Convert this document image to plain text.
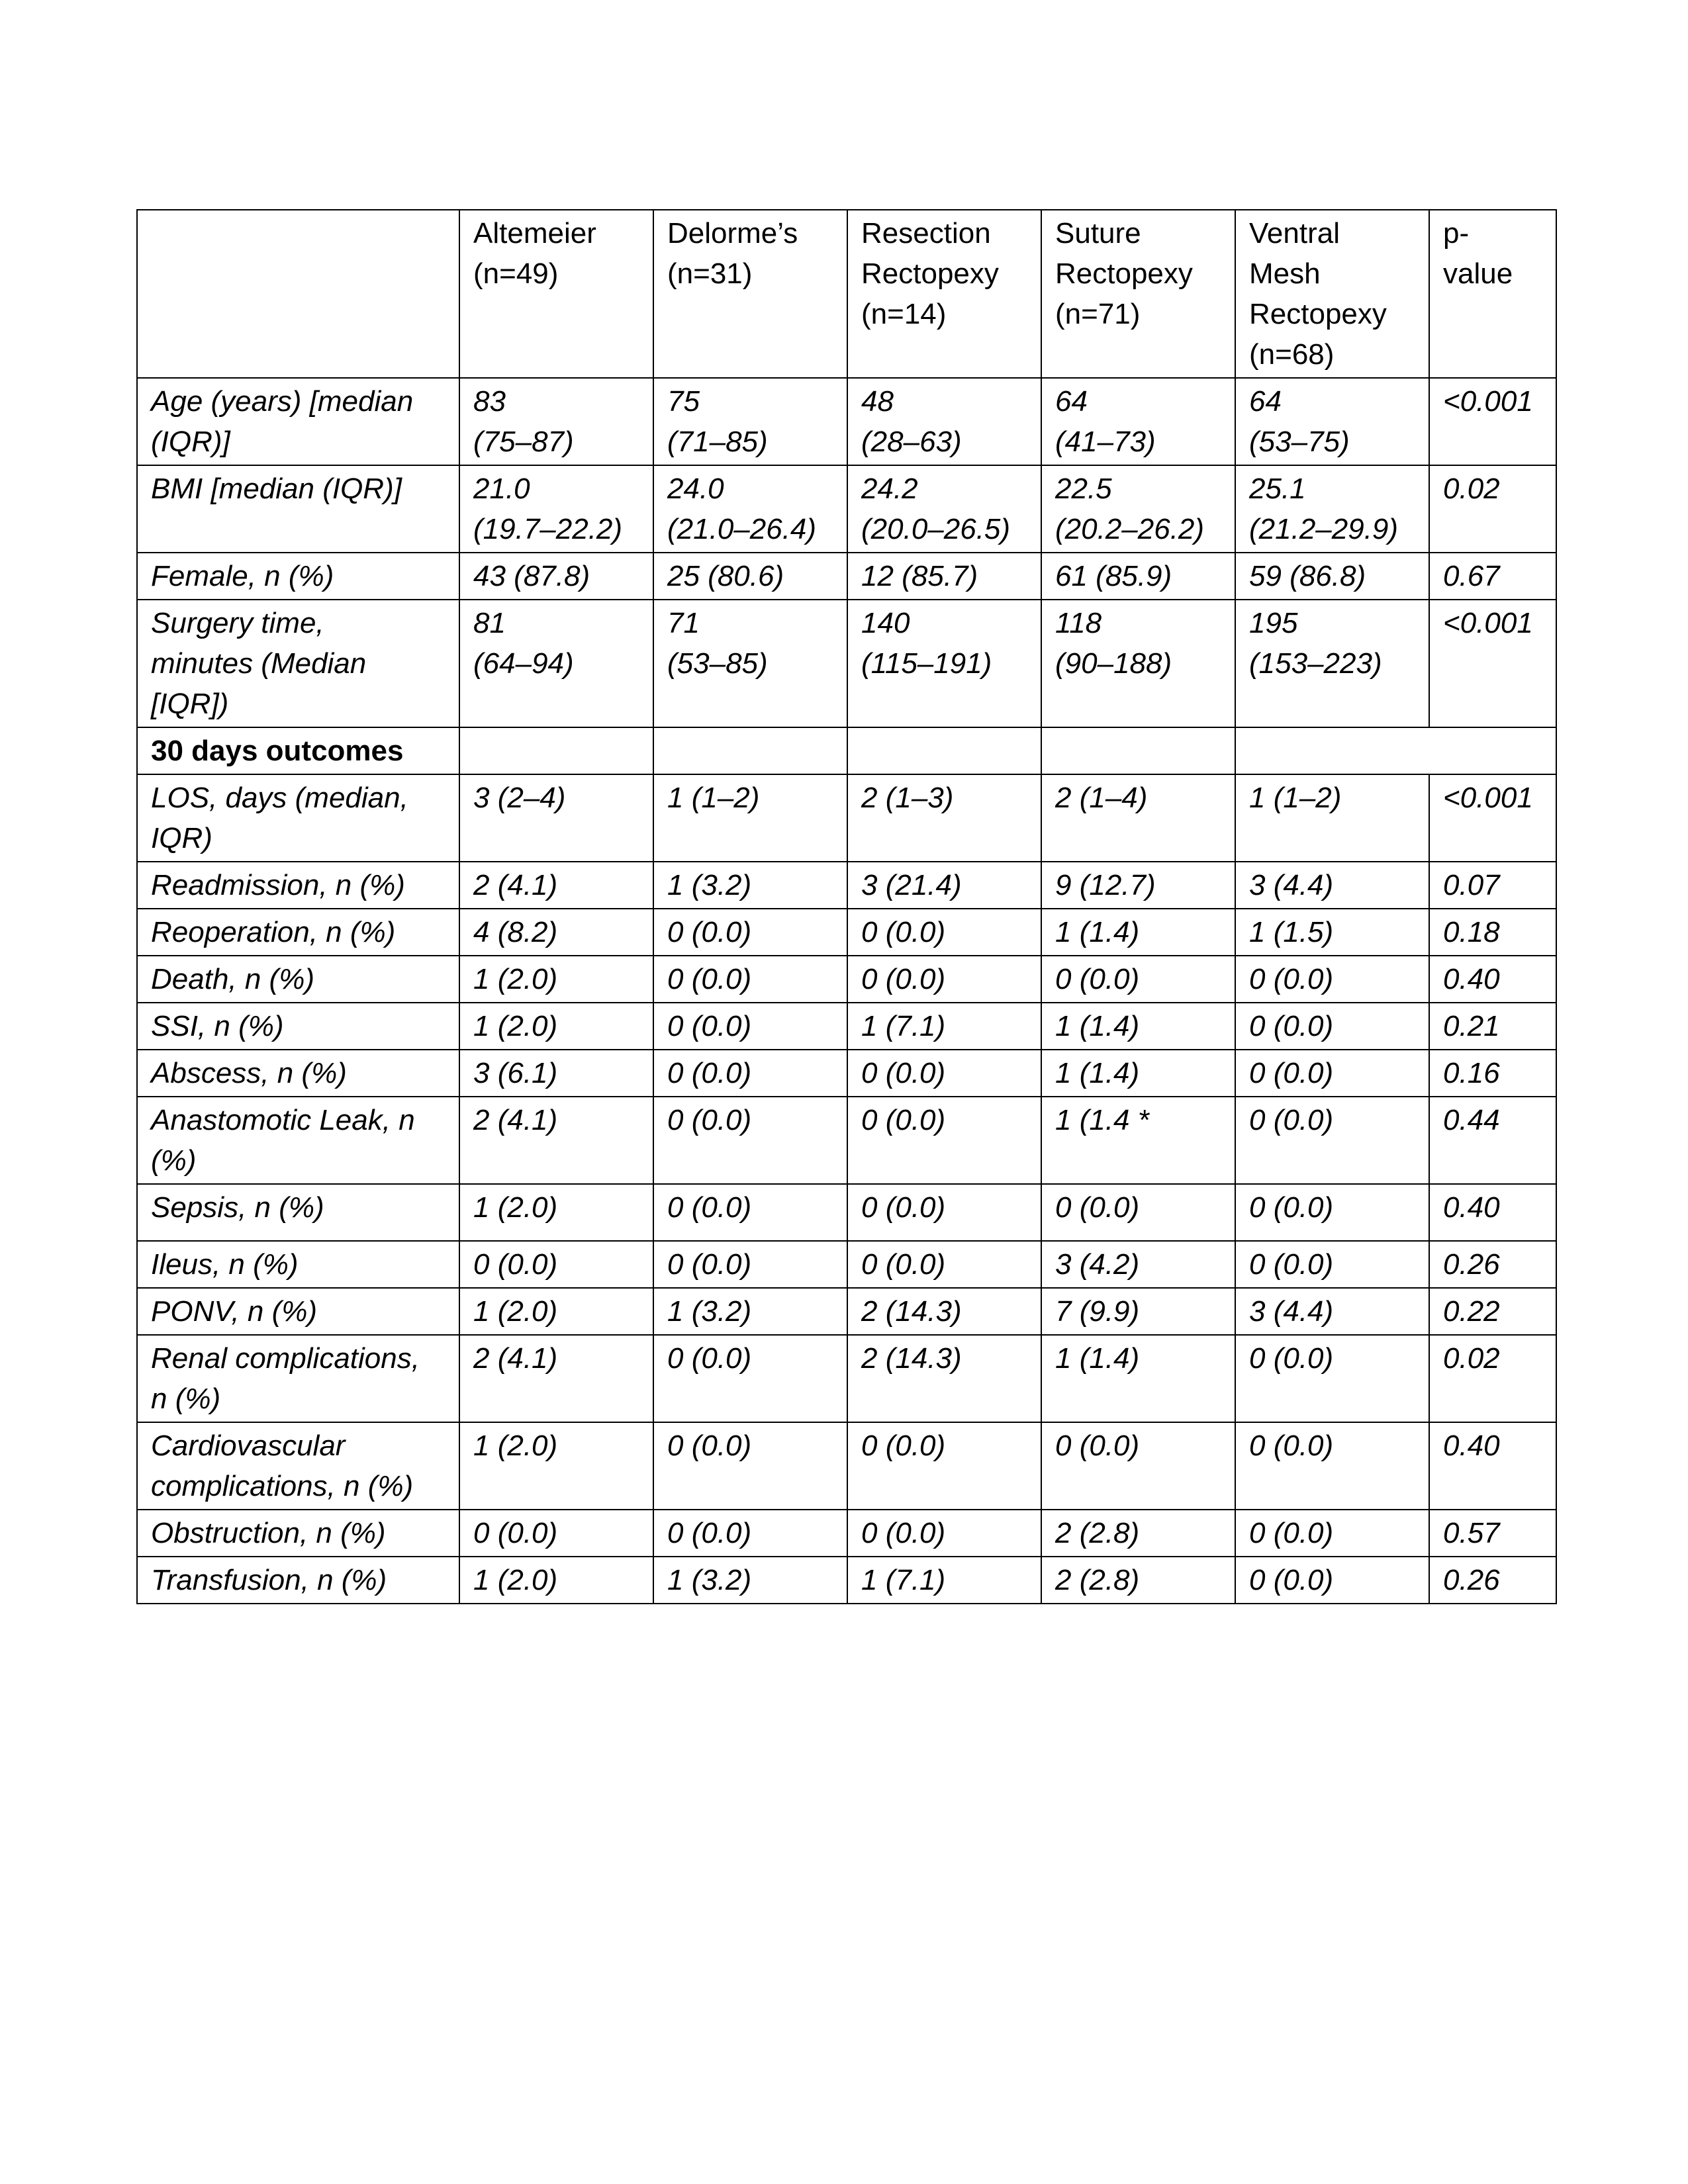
	Altemeier
(n=49)	Delorme’s
(n=31)	Resection
Rectopexy
(n=14)	Suture
Rectopexy
(n=71)	Ventral
Mesh
Rectopexy
(n=68)	p-
value

Age (years) [median
(IQR)]	83
(75–87)	75
(71–85)	48
(28–63)	64
(41–73)	64
(53–75)	<0.001

BMI [median (IQR)]	21.0
(19.7–22.2)	24.0
(21.0–26.4)	24.2
(20.0–26.5)	22.5
(20.2–26.2)	25.1
(21.2–29.9)	0.02

Female, n (%)	43 (87.8)	25 (80.6)	12 (85.7)	61 (85.9)	59 (86.8)	0.67

Surgery time,
minutes (Median
[IQR])	81
(64–94)	71
(53–85)	140
(115–191)	118
(90–188)	195
(153–223)	<0.001
30 days outcomes						

LOS, days (median,
IQR)	3 (2–4)	1 (1–2)	2 (1–3)	2 (1–4)	1 (1–2)	<0.001

Readmission, n (%)	2 (4.1)	1 (3.2)	3 (21.4)	9 (12.7)	3 (4.4)	0.07

Reoperation, n (%)	4 (8.2)	0 (0.0)	0 (0.0)	1 (1.4)	1 (1.5)	0.18

Death, n (%)	1 (2.0)	0 (0.0)	0 (0.0)	0 (0.0)	0 (0.0)	0.40

SSI, n (%)	1 (2.0)	0 (0.0)	1 (7.1)	1 (1.4)	0 (0.0)	0.21

Abscess, n (%)	3 (6.1)	0 (0.0)	0 (0.0)	1 (1.4)	0 (0.0)	0.16

Anastomotic Leak, n
(%)	2 (4.1)	0 (0.0)	0 (0.0)	1 (1.4 *	0 (0.0)	0.44

Sepsis, n (%)	1 (2.0)	0 (0.0)	0 (0.0)	0 (0.0)	0 (0.0)	0.40

Ileus, n (%)	0 (0.0)	0 (0.0)	0 (0.0)	3 (4.2)	0 (0.0)	0.26

PONV, n (%)	1 (2.0)	1 (3.2)	2 (14.3)	7 (9.9)	3 (4.4)	0.22

Renal complications,
n (%)	2 (4.1)	0 (0.0)	2 (14.3)	1 (1.4)	0 (0.0)	0.02

Cardiovascular
complications, n (%)	1 (2.0)	0 (0.0)	0 (0.0)	0 (0.0)	0 (0.0)	0.40

Obstruction, n (%)	0 (0.0)	0 (0.0)	0 (0.0)	2 (2.8)	0 (0.0)	0.57

Transfusion, n (%)	1 (2.0)	1 (3.2)	1 (7.1)	2 (2.8)	0 (0.0)	0.26
